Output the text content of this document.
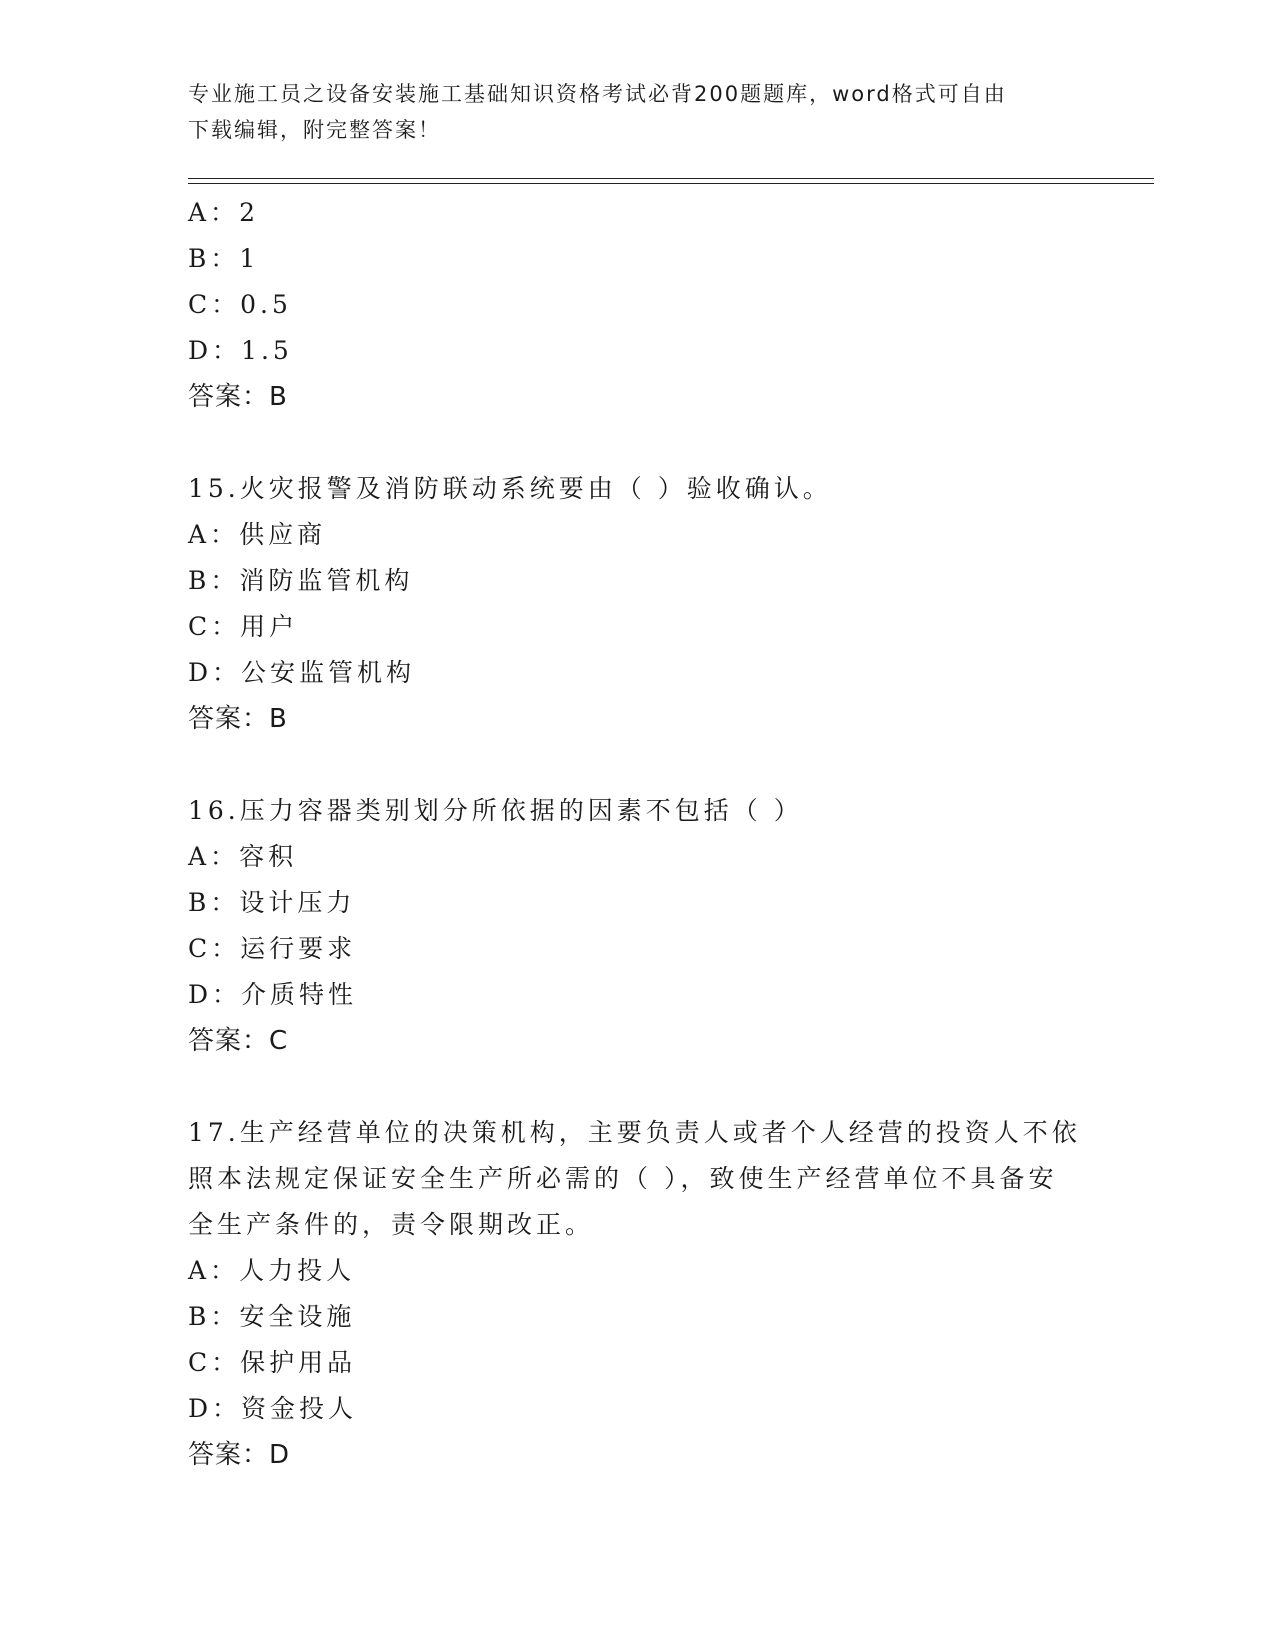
专业施工员之设备安装施工基础知识资格考试必背200题题库，word格式可自由
下载编辑，附完整答案！
A：2
B：1
C：0.5
D：1.5
答案：B
15.火灾报警及消防联动系统要由（ ）验收确认。
A：供应商
B：消防监管机构
C：用户
D：公安监管机构
答案：B
16.压力容器类别划分所依据的因素不包括（ ）
A：容积
B：设计压力
C：运行要求
D：介质特性
答案：C
17.生产经营单位的决策机构，主要负责人或者个人经营的投资人不依
照本法规定保证安全生产所必需的（ ），致使生产经营单位不具备安
全生产条件的，责令限期改正。
A：人力投人
B：安全设施
C：保护用品
D：资金投人
答案：D
